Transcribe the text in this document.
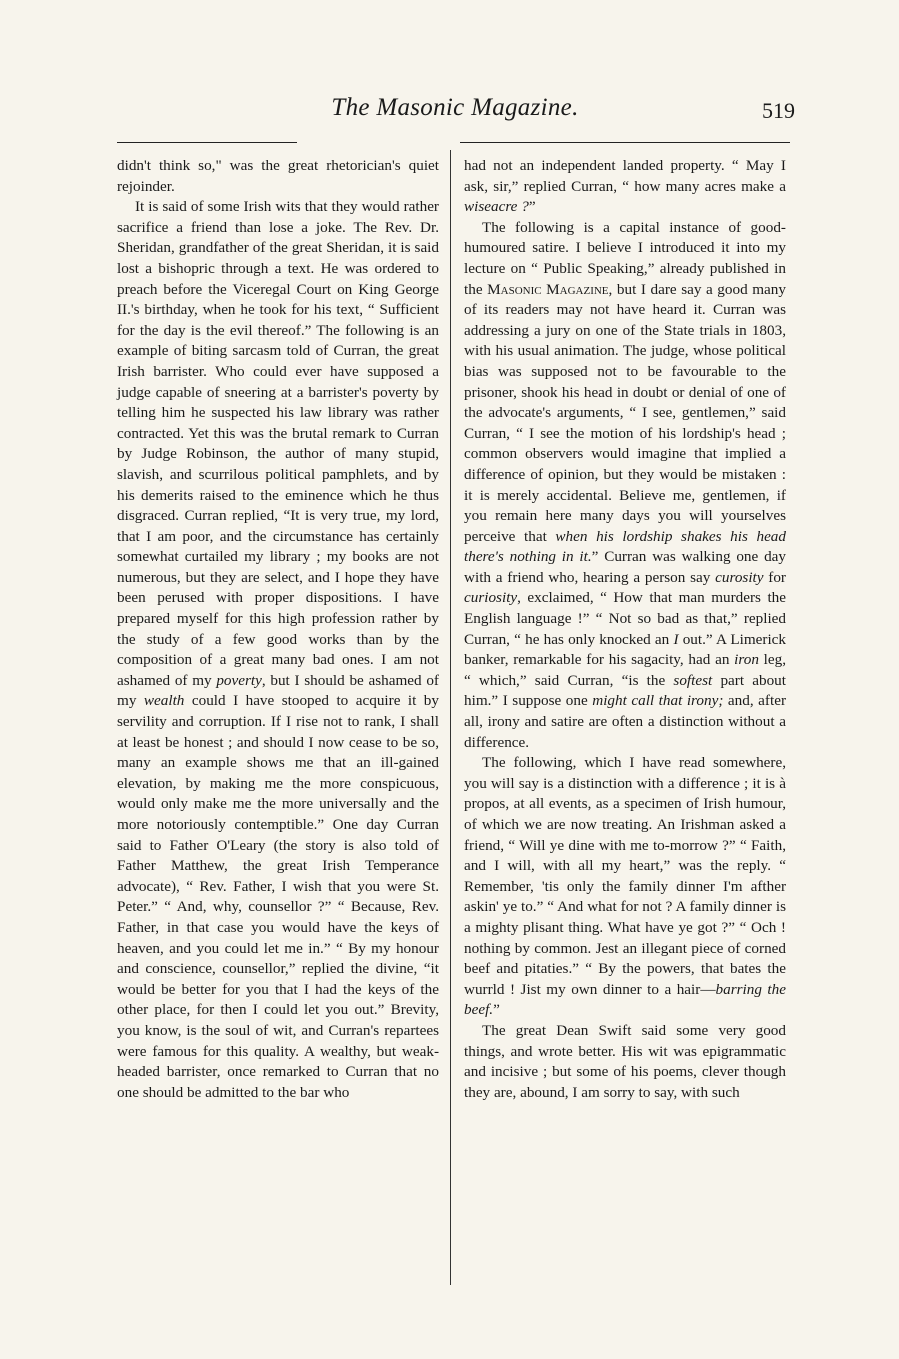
The Masonic Magazine.	519

didn't think so," was the great rhetorician's quiet rejoinder.

It is said of some Irish wits that they would rather sacrifice a friend than lose a joke. The Rev. Dr. Sheridan, grandfather of the great Sheridan, it is said lost a bishopric through a text. He was ordered to preach before the Viceregal Court on King George II.'s birthday, when he took for his text, “ Sufficient for the day is the evil thereof.” The following is an example of biting sarcasm told of Curran, the great Irish barrister. Who could ever have supposed a judge capable of sneering at a barrister's poverty by telling him he suspected his law library was rather contracted. Yet this was the brutal remark to Curran by Judge Robinson, the author of many stupid, slavish, and scurrilous political pamphlets, and by his demerits raised to the eminence which he thus disgraced. Curran replied, “It is very true, my lord, that I am poor, and the circumstance has certainly somewhat curtailed my library ; my books are not numerous, but they are select, and I hope they have been perused with proper dispositions. I have prepared myself for this high profession rather by the study of a few good works than by the composition of a great many bad ones. I am not ashamed of my poverty, but I should be ashamed of my wealth could I have stooped to acquire it by servility and corruption. If I rise not to rank, I shall at least be honest ; and should I now cease to be so, many an example shows me that an ill-gained elevation, by making me the more conspicuous, would only make me the more universally and the more notoriously contemptible.” One day Curran said to Father O'Leary (the story is also told of Father Matthew, the great Irish Temperance advocate), “ Rev. Father, I wish that you were St. Peter.” “ And, why, counsellor ?” “ Because, Rev. Father, in that case you would have the keys of heaven, and you could let me in.” “ By my honour and conscience, counsellor,” replied the divine, “it would be better for you that I had the keys of the other place, for then I could let you out.” Brevity, you know, is the soul of wit, and Curran's repartees were famous for this quality. A wealthy, but weak-headed barrister, once remarked to Curran that no one should be admitted to the bar who

had not an independent landed property. “ May I ask, sir,” replied Curran, “ how many acres make a wiseacre ?”

The following is a capital instance of good-humoured satire. I believe I introduced it into my lecture on “ Public Speaking,” already published in the Masonic Magazine, but I dare say a good many of its readers may not have heard it. Curran was addressing a jury on one of the State trials in 1803, with his usual animation. The judge, whose political bias was supposed not to be favourable to the prisoner, shook his head in doubt or denial of one of the advocate's arguments, “ I see, gentlemen,” said Curran, “ I see the motion of his lordship's head ; common observers would imagine that implied a difference of opinion, but they would be mistaken : it is merely accidental. Believe me, gentlemen, if you remain here many days you will yourselves perceive that when his lordship shakes his head there's nothing in it.” Curran was walking one day with a friend who, hearing a person say curosity for curiosity, exclaimed, “ How that man murders the English language !” “ Not so bad as that,” replied Curran, “ he has only knocked an I out.” A Limerick banker, remarkable for his sagacity, had an iron leg, “ which,” said Curran, “is the softest part about him.” I suppose one might call that irony; and, after all, irony and satire are often a distinction without a difference.

The following, which I have read somewhere, you will say is a distinction with a difference ; it is à propos, at all events, as a specimen of Irish humour, of which we are now treating. An Irishman asked a friend, “ Will ye dine with me to-morrow ?” “ Faith, and I will, with all my heart,” was the reply. “ Remember, 'tis only the family dinner I'm afther askin' ye to.” “ And what for not ? A family dinner is a mighty plisant thing. What have ye got ?” “ Och ! nothing by common. Jest an illegant piece of corned beef and pitaties.” “ By the powers, that bates the wurrld ! Jist my own dinner to a hair—barring the beef.”

The great Dean Swift said some very good things, and wrote better. His wit was epigrammatic and incisive ; but some of his poems, clever though they are, abound, I am sorry to say, with such
